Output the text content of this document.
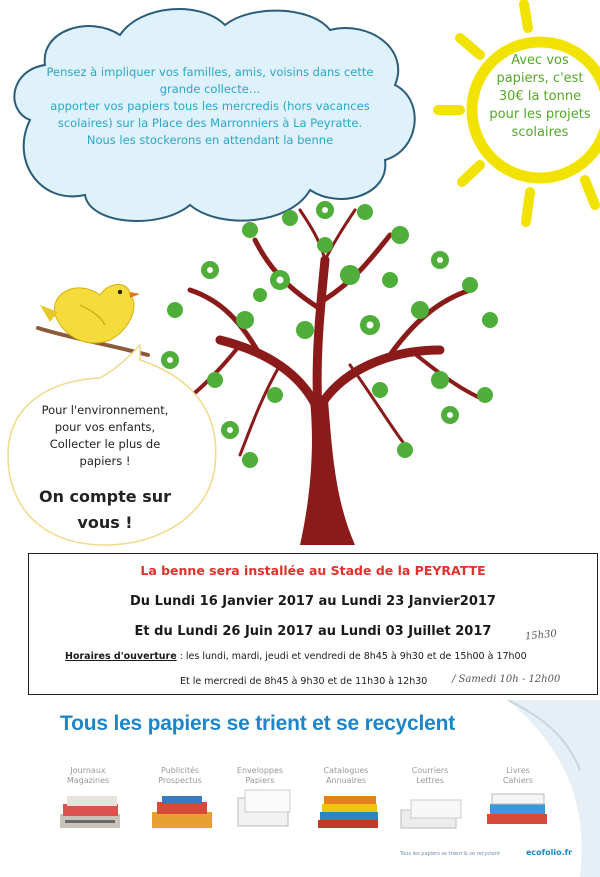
Pensez à impliquer vos familles, amis, voisins dans cette
grande collecte…
apporter vos papiers tous les mercredis (hors vacances
scolaires) sur la Place des Marronniers à La Peyratte.
Nous les stockerons en attendant la benne
Avec vos
papiers, c'est
30€ la tonne
pour les projets
scolaires
Pour l'environnement,
pour vos enfants,
Collecter le plus de
papiers !
On compte sur
vous !
La benne sera installée au Stade de la PEYRATTE
Du Lundi 16 Janvier 2017 au Lundi 23 Janvier2017
Et du Lundi 26 Juin 2017 au Lundi 03 Juillet 2017	15h30
Horaires d'ouverture : les lundi, mardi, jeudi et vendredi de 8h45 à 9h30 et de 15h00 à 17h00
Et le mercredi de 8h45 à 9h30 et de 11h30 à 12h30 / Samedi 10h - 12h00
Tous les papiers se trient et se recyclent
Journaux
Magazines
Publicités
Prospectus
Enveloppes
Papiers
Catalogues
Annuaires
Courriers
Lettres
Livres
Cahiers
Tous les papiers se trient & se recyclent	ecofolio.fr
